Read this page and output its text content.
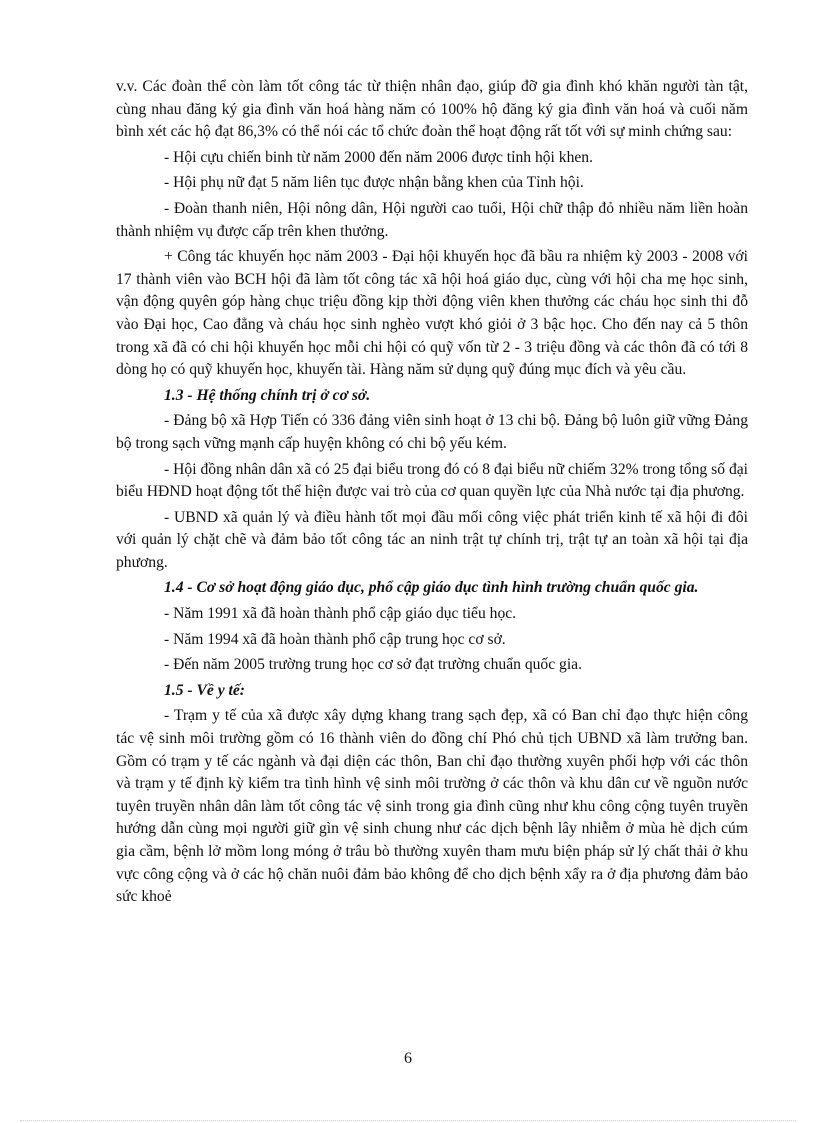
v.v. Các đoàn thể còn làm tốt công tác từ thiện nhân đạo, giúp đỡ gia đình khó khăn người tàn tật, cùng nhau đăng ký gia đình văn hoá hàng năm có 100% hộ đăng ký gia đình văn hoá và cuối năm bình xét các hộ đạt 86,3% có thể nói các tổ chức đoàn thể hoạt động rất tốt với sự minh chứng sau:

- Hội cựu chiến binh từ năm 2000 đến năm 2006 được tỉnh hội khen.

- Hội phụ nữ đạt 5 năm liên tục được nhận bằng khen của Tỉnh hội.

- Đoàn thanh niên, Hội nông dân, Hội người cao tuổi, Hội chữ thập đỏ nhiều năm liền hoàn thành nhiệm vụ được cấp trên khen thưởng.

+ Công tác khuyến học năm 2003 - Đại hội khuyến học đã bầu ra nhiệm kỳ 2003 - 2008 với 17 thành viên vào BCH hội đã làm tốt công tác xã hội hoá giáo dục, cùng với hội cha mẹ học sinh, vận động quyên góp hàng chục triệu đồng kịp thời động viên khen thưởng các cháu học sinh thi đỗ vào Đại học, Cao đẳng và cháu học sinh nghèo vượt khó giỏi ở 3 bậc học. Cho đến nay cả 5 thôn trong xã đã có chi hội khuyến học mỗi chi hội có quỹ vốn từ 2 - 3 triệu đồng và các thôn đã có tới 8 dòng họ có quỹ khuyến học, khuyến tài. Hàng năm sử dụng quỹ đúng mục đích và yêu cầu.

1.3 - Hệ thống chính trị ở cơ sở.

- Đảng bộ xã Hợp Tiến có 336 đảng viên sinh hoạt ở 13 chi bộ. Đảng bộ luôn giữ vững Đảng bộ trong sạch vững mạnh cấp huyện không có chi bộ yếu kém.

- Hội đồng nhân dân xã có 25 đại biểu trong đó có 8 đại biểu nữ chiếm 32% trong tổng số đại biểu HĐND hoạt động tốt thể hiện được vai trò của cơ quan quyền lực của Nhà nước tại địa phương.

- UBND xã quản lý và điều hành tốt mọi đầu mối công việc phát triển kinh tế xã hội đi đôi với quản lý chặt chẽ và đảm bảo tốt công tác an ninh trật tự chính trị, trật tự an toàn xã hội tại địa phương.

1.4 - Cơ sở hoạt động giáo dục, phổ cập giáo dục tình hình trường chuẩn quốc gia.

- Năm 1991 xã đã hoàn thành phổ cập giáo dục tiểu học.

- Năm 1994 xã đã hoàn thành phổ cập trung học cơ sở.

- Đến năm 2005 trường trung học cơ sở đạt trường chuẩn quốc gia.

1.5 - Về y tế:

- Trạm y tế của xã được xây dựng khang trang sạch đẹp, xã có Ban chỉ đạo thực hiện công tác vệ sinh môi trường gồm có 16 thành viên do đồng chí Phó chủ tịch UBND xã làm trưởng ban. Gồm có trạm y tế các ngành và đại diện các thôn, Ban chỉ đạo thường xuyên phối hợp với các thôn và trạm y tế định kỳ kiểm tra tình hình vệ sinh môi trường ở các thôn và khu dân cư về nguồn nước tuyên truyền nhân dân làm tốt công tác vệ sinh trong gia đình cũng như khu công cộng tuyên truyền hướng dẫn cùng mọi người giữ gìn vệ sinh chung như các dịch bệnh lây nhiễm ở mùa hè dịch cúm gia cầm, bệnh lở mồm long móng ở trâu bò thường xuyên tham mưu biện pháp sử lý chất thải ở khu vực công cộng và ở các hộ chăn nuôi đảm bảo không để cho dịch bệnh xẩy ra ở địa phương đảm bảo sức khoẻ

6
